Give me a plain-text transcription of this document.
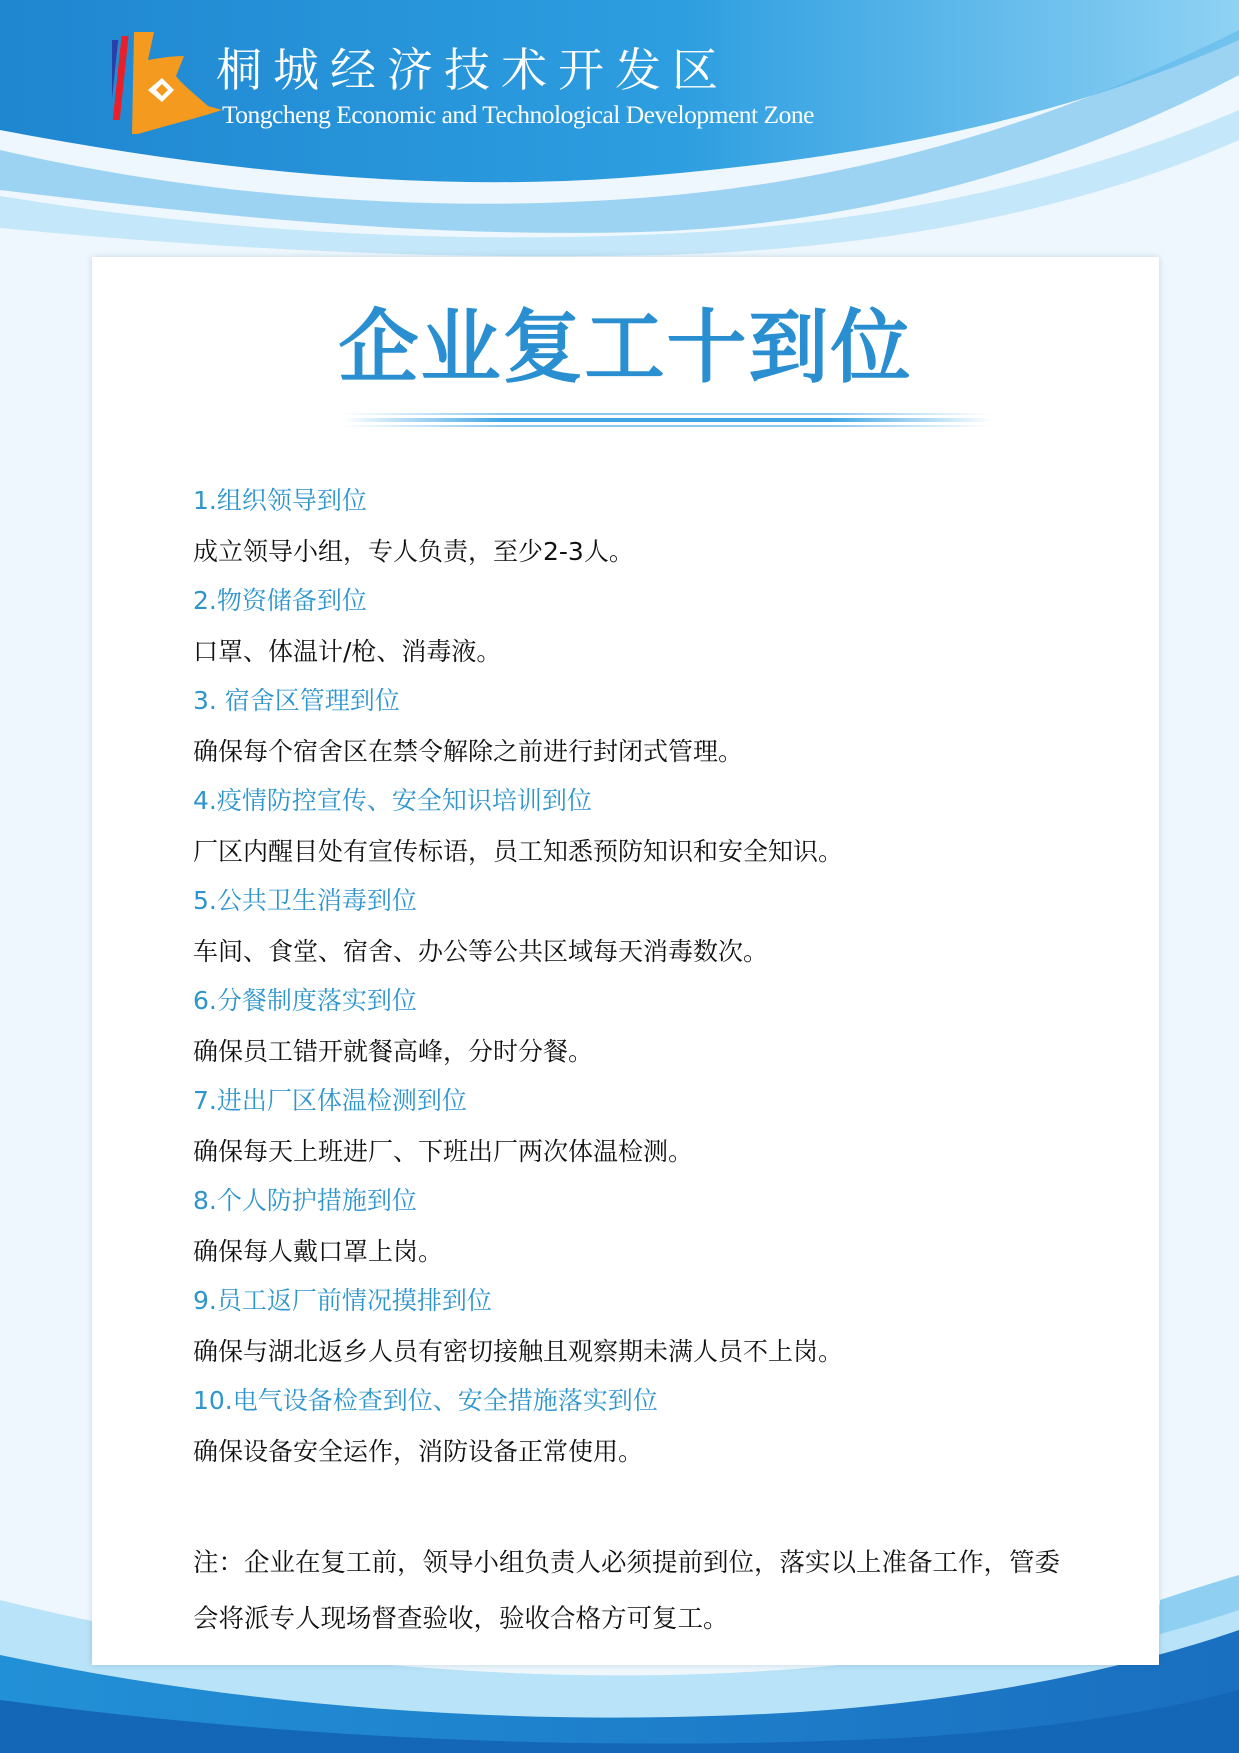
桐城经济技术开发区
Tongcheng Economic and Technological Development Zone
企业复工十到位
1.组织领导到位
成立领导小组，专人负责，至少2-3人。
2.物资储备到位
口罩、体温计/枪、消毒液。
3. 宿舍区管理到位
确保每个宿舍区在禁令解除之前进行封闭式管理。
4.疫情防控宣传、安全知识培训到位
厂区内醒目处有宣传标语，员工知悉预防知识和安全知识。
5.公共卫生消毒到位
车间、食堂、宿舍、办公等公共区域每天消毒数次。
6.分餐制度落实到位
确保员工错开就餐高峰，分时分餐。
7.进出厂区体温检测到位
确保每天上班进厂、下班出厂两次体温检测。
8.个人防护措施到位
确保每人戴口罩上岗。
9.员工返厂前情况摸排到位
确保与湖北返乡人员有密切接触且观察期未满人员不上岗。
10.电气设备检查到位、安全措施落实到位
确保设备安全运作，消防设备正常使用。

注：企业在复工前，领导小组负责人必须提前到位，落实以上准备工作，管委会将派专人现场督查验收，验收合格方可复工。
